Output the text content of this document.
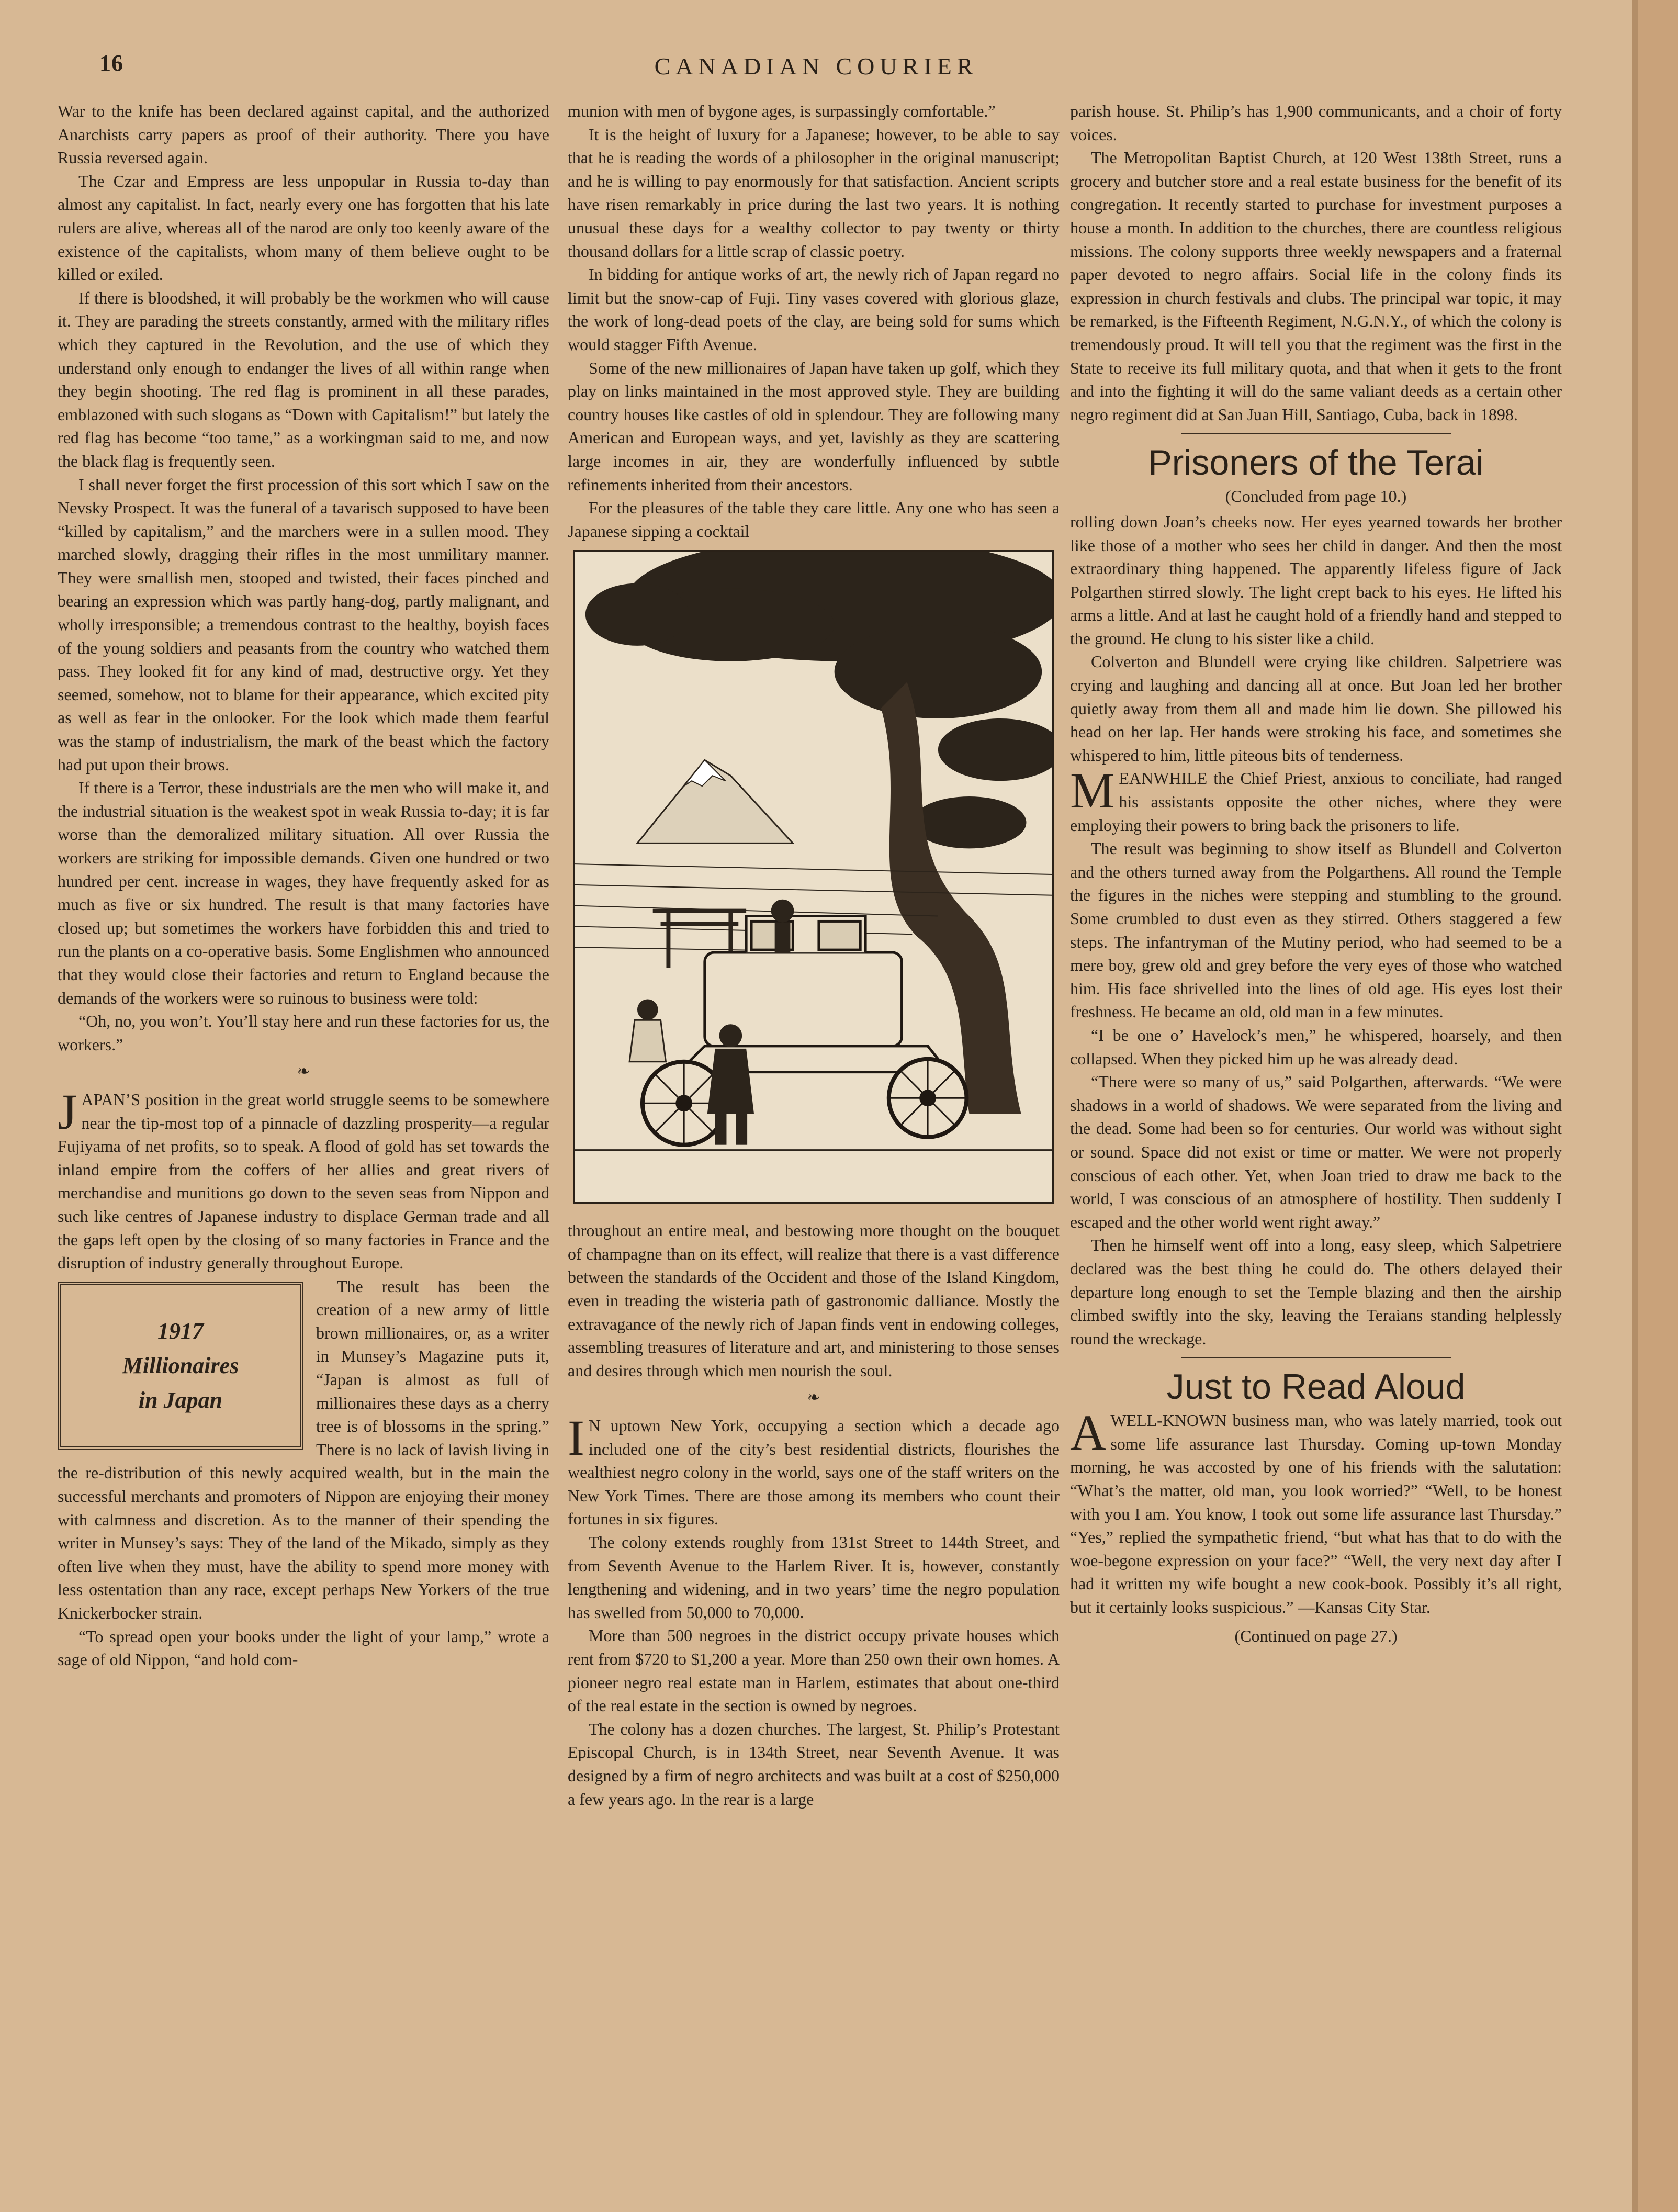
16	CANADIAN COURIER

War to the knife has been declared against capital, and the authorized Anarchists carry papers as proof of their authority. There you have Russia reversed again.

The Czar and Empress are less unpopular in Russia to-day than almost any capitalist. In fact, nearly every one has forgotten that his late rulers are alive, whereas all of the narod are only too keenly aware of the existence of the capitalists, whom many of them believe ought to be killed or exiled.

If there is bloodshed, it will probably be the workmen who will cause it. They are parading the streets constantly, armed with the military rifles which they captured in the Revolution, and the use of which they understand only enough to endanger the lives of all within range when they begin shooting. The red flag is prominent in all these parades, emblazoned with such slogans as “Down with Capitalism!” but lately the red flag has become “too tame,” as a workingman said to me, and now the black flag is frequently seen.

I shall never forget the first procession of this sort which I saw on the Nevsky Prospect. It was the funeral of a tavarisch supposed to have been “killed by capitalism,” and the marchers were in a sullen mood. They marched slowly, dragging their rifles in the most unmilitary manner. They were smallish men, stooped and twisted, their faces pinched and bearing an expression which was partly hang-dog, partly malignant, and wholly irresponsible; a tremendous contrast to the healthy, boyish faces of the young soldiers and peasants from the country who watched them pass. They looked fit for any kind of mad, destructive orgy. Yet they seemed, somehow, not to blame for their appearance, which excited pity as well as fear in the onlooker. For the look which made them fearful was the stamp of industrialism, the mark of the beast which the factory had put upon their brows.

If there is a Terror, these industrials are the men who will make it, and the industrial situation is the weakest spot in weak Russia to-day; it is far worse than the demoralized military situation. All over Russia the workers are striking for impossible demands. Given one hundred or two hundred per cent. increase in wages, they have frequently asked for as much as five or six hundred. The result is that many factories have closed up; but sometimes the workers have forbidden this and tried to run the plants on a co-operative basis. Some Englishmen who announced that they would close their factories and return to England because the demands of the workers were so ruinous to business were told:

“Oh, no, you won’t. You’ll stay here and run these factories for us, the workers.”

❧

JAPAN’S position in the great world struggle seems to be somewhere near the tip-most top of a pinnacle of dazzling prosperity—a regular Fujiyama of net profits, so to speak. A flood of gold has set towards the inland empire from the coffers of her allies and great rivers of merchandise and munitions go down to the seven seas from Nippon and such like centres of Japanese industry to displace German trade and all the gaps left open by the closing of so many factories in France and the disruption of industry generally throughout Europe.

1917
Millionaires
in Japan

The result has been the creation of a new army of little brown millionaires, or, as a writer in Munsey’s Magazine puts it, “Japan is almost as full of millionaires these days as a cherry tree is of blossoms in the spring.” There is no lack of lavish living in the re-distribution of this newly acquired wealth, but in the main the successful merchants and promoters of Nippon are enjoying their money with calmness and discretion. As to the manner of their spending the writer in Munsey’s says: They of the land of the Mikado, simply as they often live when they must, have the ability to spend more money with less ostentation than any race, except perhaps New Yorkers of the true Knickerbocker strain.

“To spread open your books under the light of your lamp,” wrote a sage of old Nippon, “and hold com-

munion with men of bygone ages, is surpassingly comfortable.”

It is the height of luxury for a Japanese; however, to be able to say that he is reading the words of a philosopher in the original manuscript; and he is willing to pay enormously for that satisfaction. Ancient scripts have risen remarkably in price during the last two years. It is nothing unusual these days for a wealthy collector to pay twenty or thirty thousand dollars for a little scrap of classic poetry.

In bidding for antique works of art, the newly rich of Japan regard no limit but the snow-cap of Fuji. Tiny vases covered with glorious glaze, the work of long-dead poets of the clay, are being sold for sums which would stagger Fifth Avenue.

Some of the new millionaires of Japan have taken up golf, which they play on links maintained in the most approved style. They are building country houses like castles of old in splendour. They are following many American and European ways, and yet, lavishly as they are scattering large incomes in air, they are wonderfully influenced by subtle refinements inherited from their ancestors.

For the pleasures of the table they care little. Any one who has seen a Japanese sipping a cocktail

throughout an entire meal, and bestowing more thought on the bouquet of champagne than on its effect, will realize that there is a vast difference between the standards of the Occident and those of the Island Kingdom, even in treading the wisteria path of gastronomic dalliance. Mostly the extravagance of the newly rich of Japan finds vent in endowing colleges, assembling treasures of literature and art, and ministering to those senses and desires through which men nourish the soul.

❧

I N uptown New York, occupying a section which a decade ago included one of the city’s best residential districts, flourishes the wealthiest negro colony in the world, says one of the staff writers on the New York Times. There are those among its members who count their fortunes in six figures.

The colony extends roughly from 131st Street to 144th Street, and from Seventh Avenue to the Harlem River. It is, however, constantly lengthening and widening, and in two years’ time the negro population has swelled from 50,000 to 70,000.

More than 500 negroes in the district occupy private houses which rent from $720 to $1,200 a year. More than 250 own their own homes. A pioneer negro real estate man in Harlem, estimates that about one-third of the real estate in the section is owned by negroes.

The colony has a dozen churches. The largest, St. Philip’s Protestant Episcopal Church, is in 134th Street, near Seventh Avenue. It was designed by a firm of negro architects and was built at a cost of $250,000 a few years ago. In the rear is a large

parish house. St. Philip’s has 1,900 communicants, and a choir of forty voices.

The Metropolitan Baptist Church, at 120 West 138th Street, runs a grocery and butcher store and a real estate business for the benefit of its congregation. It recently started to purchase for investment purposes a house a month. In addition to the churches, there are countless religious missions. The colony supports three weekly newspapers and a fraternal paper devoted to negro affairs. Social life in the colony finds its expression in church festivals and clubs. The principal war topic, it may be remarked, is the Fifteenth Regiment, N.G.N.Y., of which the colony is tremendously proud. It will tell you that the regiment was the first in the State to receive its full military quota, and that when it gets to the front and into the fighting it will do the same valiant deeds as a certain other negro regiment did at San Juan Hill, Santiago, Cuba, back in 1898.

Prisoners of the Terai
(Concluded from page 10.)

rolling down Joan’s cheeks now. Her eyes yearned towards her brother like those of a mother who sees her child in danger. And then the most extraordinary thing happened. The apparently lifeless figure of Jack Polgarthen stirred slowly. The light crept back to his eyes. He lifted his arms a little. And at last he caught hold of a friendly hand and stepped to the ground. He clung to his sister like a child.

Colverton and Blundell were crying like children. Salpetriere was crying and laughing and dancing all at once. But Joan led her brother quietly away from them all and made him lie down. She pillowed his head on her lap. Her hands were stroking his face, and sometimes she whispered to him, little piteous bits of tenderness.

MEANWHILE the Chief Priest, anxious to conciliate, had ranged his assistants opposite the other niches, where they were employing their powers to bring back the prisoners to life.

The result was beginning to show itself as Blundell and Colverton and the others turned away from the Polgarthens. All round the Temple the figures in the niches were stepping and stumbling to the ground. Some crumbled to dust even as they stirred. Others staggered a few steps. The infantryman of the Mutiny period, who had seemed to be a mere boy, grew old and grey before the very eyes of those who watched him. His face shrivelled into the lines of old age. His eyes lost their freshness. He became an old, old man in a few minutes.

“I be one o’ Havelock’s men,” he whispered, hoarsely, and then collapsed. When they picked him up he was already dead.

“There were so many of us,” said Polgarthen, afterwards. “We were shadows in a world of shadows. We were separated from the living and the dead. Some had been so for centuries. Our world was without sight or sound. Space did not exist or time or matter. We were not properly conscious of each other. Yet, when Joan tried to draw me back to the world, I was conscious of an atmosphere of hostility. Then suddenly I escaped and the other world went right away.”

Then he himself went off into a long, easy sleep, which Salpetriere declared was the best thing he could do. The others delayed their departure long enough to set the Temple blazing and then the airship climbed swiftly into the sky, leaving the Teraians standing helplessly round the wreckage.

Just to Read Aloud

AWELL-KNOWN business man, who was lately married, took out some life assurance last Thursday. Coming up-town Monday morning, he was accosted by one of his friends with the salutation: “What’s the matter, old man, you look worried?” “Well, to be honest with you I am. You know, I took out some life assurance last Thursday.” “Yes,” replied the sympathetic friend, “but what has that to do with the woe-begone expression on your face?” “Well, the very next day after I had it written my wife bought a new cook-book. Possibly it’s all right, but it certainly looks suspicious.” —Kansas City Star.

(Continued on page 27.)
